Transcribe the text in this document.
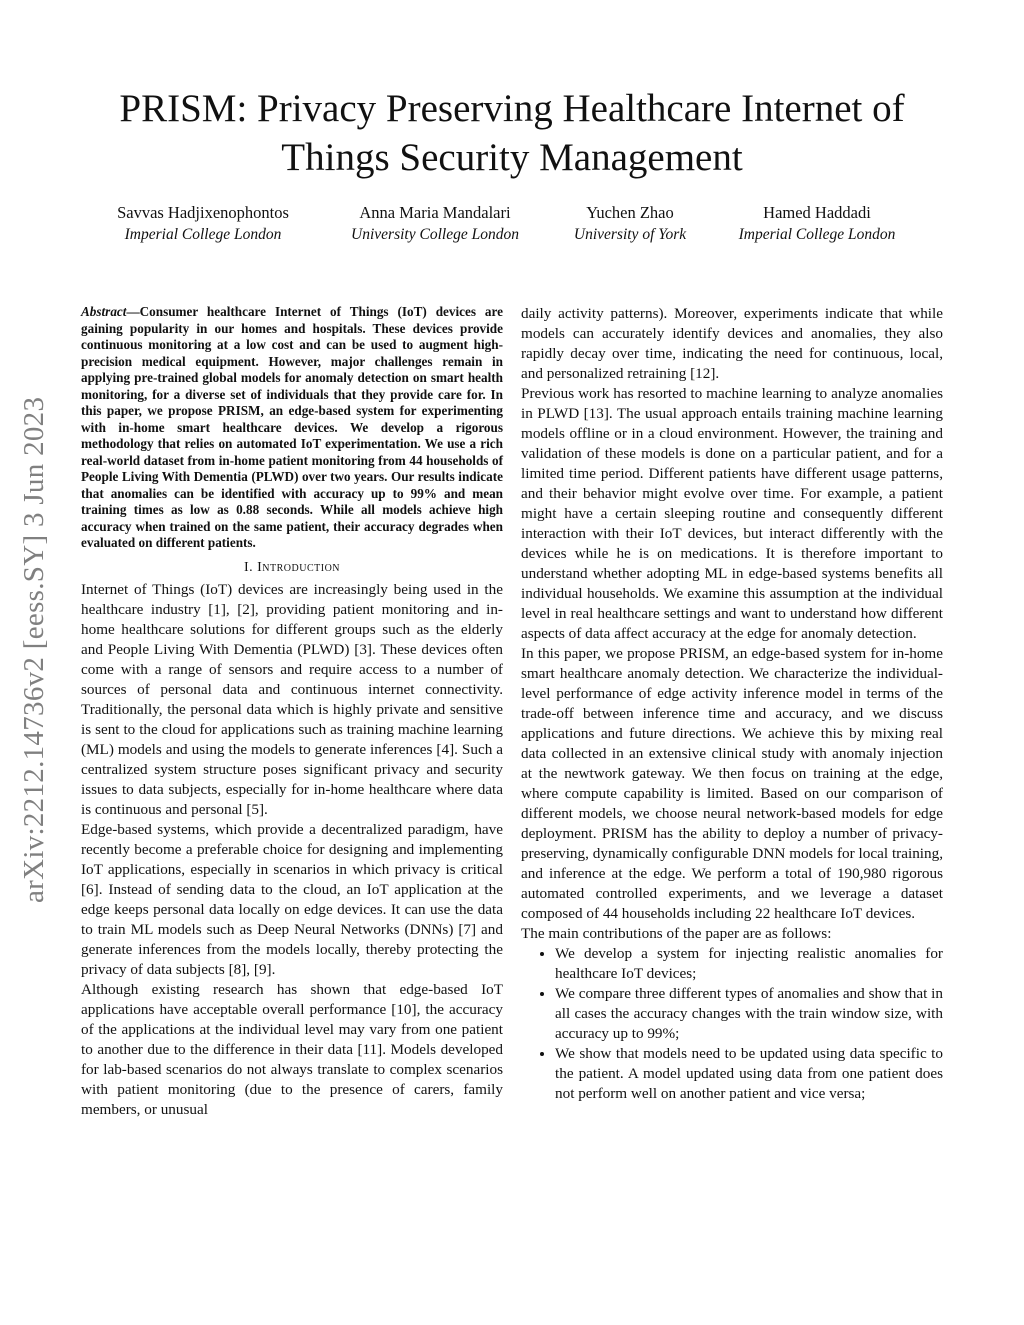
arXiv:2212.14736v2 [eess.SY] 3 Jun 2023
PRISM: Privacy Preserving Healthcare Internet of Things Security Management
Savvas Hadjixenophontos
Imperial College London
Anna Maria Mandalari
University College London
Yuchen Zhao
University of York
Hamed Haddadi
Imperial College London

Abstract—Consumer healthcare Internet of Things (IoT) devices are gaining popularity in our homes and hospitals. These devices provide continuous monitoring at a low cost and can be used to augment high-precision medical equipment. However, major challenges remain in applying pre-trained global models for anomaly detection on smart health monitoring, for a diverse set of individuals that they provide care for. In this paper, we propose PRISM, an edge-based system for experimenting with in-home smart healthcare devices. We develop a rigorous methodology that relies on automated IoT experimentation. We use a rich real-world dataset from in-home patient monitoring from 44 households of People Living With Dementia (PLWD) over two years. Our results indicate that anomalies can be identified with accuracy up to 99% and mean training times as low as 0.88 seconds. While all models achieve high accuracy when trained on the same patient, their accuracy degrades when evaluated on different patients.

I. Introduction

Internet of Things (IoT) devices are increasingly being used in the healthcare industry [1], [2], providing patient monitoring and in-home healthcare solutions for different groups such as the elderly and People Living With Dementia (PLWD) [3]. These devices often come with a range of sensors and require access to a number of sources of personal data and continuous internet connectivity. Traditionally, the personal data which is highly private and sensitive is sent to the cloud for applications such as training machine learning (ML) models and using the models to generate inferences [4]. Such a centralized system structure poses significant privacy and security issues to data subjects, especially for in-home healthcare where data is continuous and personal [5].

Edge-based systems, which provide a decentralized paradigm, have recently become a preferable choice for designing and implementing IoT applications, especially in scenarios in which privacy is critical [6]. Instead of sending data to the cloud, an IoT application at the edge keeps personal data locally on edge devices. It can use the data to train ML models such as Deep Neural Networks (DNNs) [7] and generate inferences from the models locally, thereby protecting the privacy of data subjects [8], [9].

Although existing research has shown that edge-based IoT applications have acceptable overall performance [10], the accuracy of the applications at the individual level may vary from one patient to another due to the difference in their data [11]. Models developed for lab-based scenarios do not always translate to complex scenarios with patient monitoring (due to the presence of carers, family members, or unusual

daily activity patterns). Moreover, experiments indicate that while models can accurately identify devices and anomalies, they also rapidly decay over time, indicating the need for continuous, local, and personalized retraining [12].

Previous work has resorted to machine learning to analyze anomalies in PLWD [13]. The usual approach entails training machine learning models offline or in a cloud environment. However, the training and validation of these models is done on a particular patient, and for a limited time period. Different patients have different usage patterns, and their behavior might evolve over time. For example, a patient might have a certain sleeping routine and consequently different interaction with their IoT devices, but interact differently with the devices while he is on medications. It is therefore important to understand whether adopting ML in edge-based systems benefits all individual households. We examine this assumption at the individual level in real healthcare settings and want to understand how different aspects of data affect accuracy at the edge for anomaly detection.

In this paper, we propose PRISM, an edge-based system for in-home smart healthcare anomaly detection. We characterize the individual-level performance of edge activity inference model in terms of the trade-off between inference time and accuracy, and we discuss applications and future directions. We achieve this by mixing real data collected in an extensive clinical study with anomaly injection at the newtwork gateway. We then focus on training at the edge, where compute capability is limited. Based on our comparison of different models, we choose neural network-based models for edge deployment. PRISM has the ability to deploy a number of privacy-preserving, dynamically configurable DNN models for local training, and inference at the edge. We perform a total of 190,980 rigorous automated controlled experiments, and we leverage a dataset composed of 44 households including 22 healthcare IoT devices.

The main contributions of the paper are as follows:

• We develop a system for injecting realistic anomalies for healthcare IoT devices;
• We compare three different types of anomalies and show that in all cases the accuracy changes with the train window size, with accuracy up to 99%;
• We show that models need to be updated using data specific to the patient. A model updated using data from one patient does not perform well on another patient and vice versa;
